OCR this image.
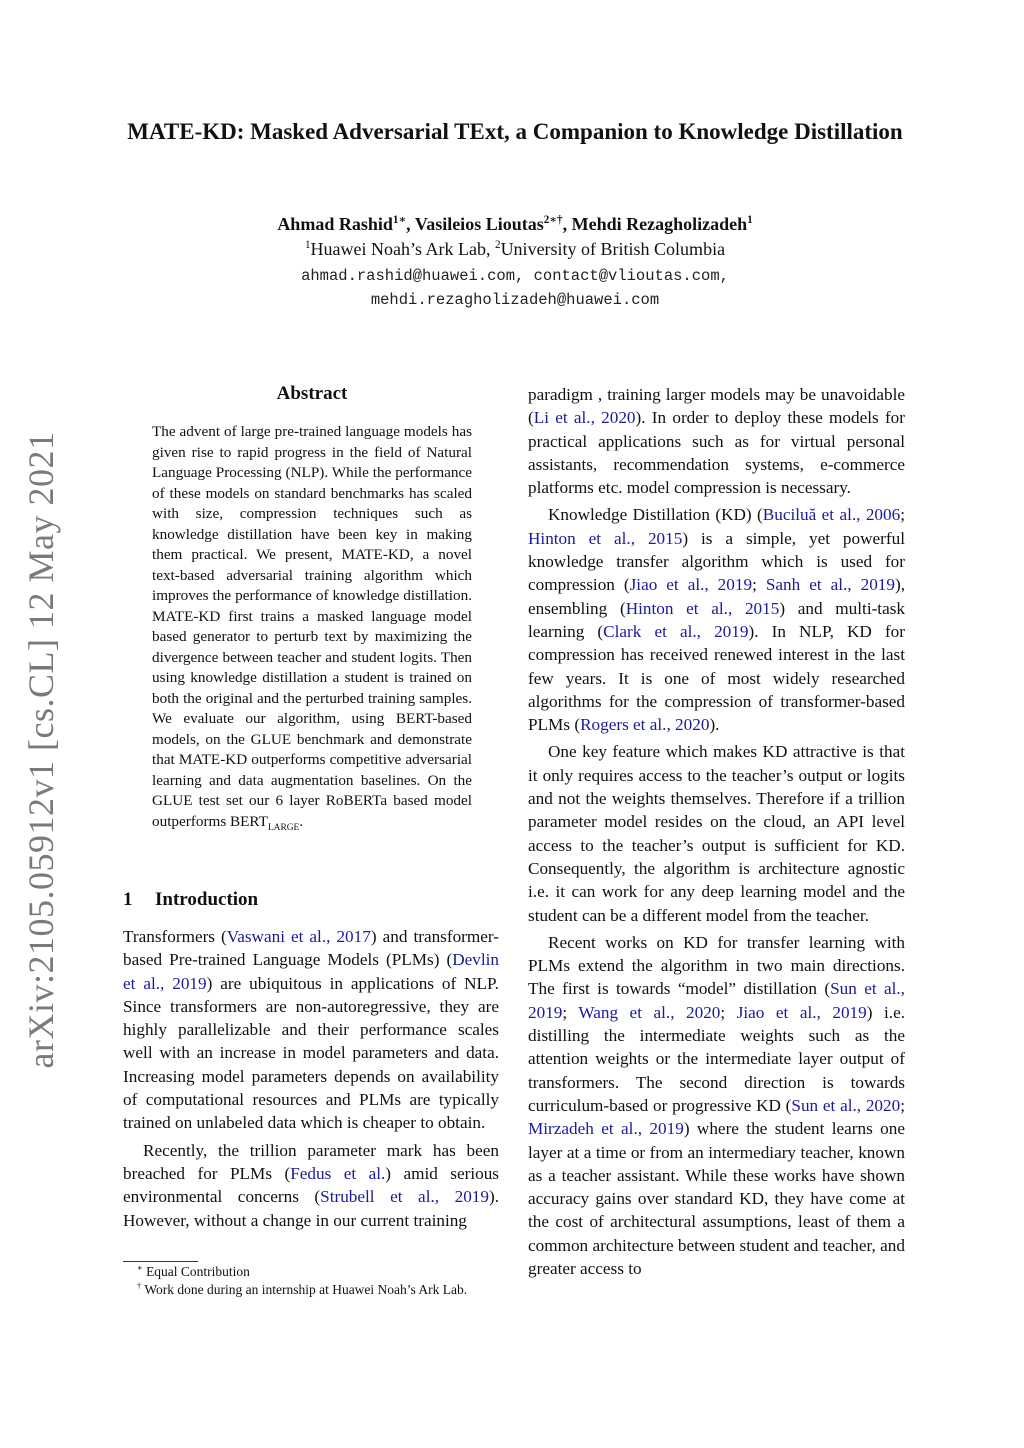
arXiv:2105.05912v1 [cs.CL] 12 May 2021
MATE-KD: Masked Adversarial TExt, a Companion to Knowledge Distillation
Ahmad Rashid$^{1∗}$, Vasileios Lioutas$^{2∗\dagger}$, Mehdi Rezagholizadeh$^1$
$^1$Huawei Noah’s Ark Lab, $^2$University of British Columbia
ahmad.rashid@huawei.com, contact@vlioutas.com,
mehdi.rezagholizadeh@huawei.com
Abstract
The advent of large pre-trained language models has given rise to rapid progress in the field of Natural Language Processing (NLP). While the performance of these models on standard benchmarks has scaled with size, compression techniques such as knowledge distillation have been key in making them practical. We present, MATE-KD, a novel text-based adversarial training algorithm which improves the performance of knowledge distillation. MATE-KD first trains a masked language model based generator to perturb text by maximizing the divergence between teacher and student logits. Then using knowledge distillation a student is trained on both the original and the perturbed training samples. We evaluate our algorithm, using BERT-based models, on the GLUE benchmark and demonstrate that MATE-KD outperforms competitive adversarial learning and data augmentation baselines. On the GLUE test set our 6 layer RoBERTa based model outperforms $BERT_{LARGE}$.
1 Introduction

Transformers (Vaswani et al., 2017) and transformer-based Pre-trained Language Models (PLMs) (Devlin et al., 2019) are ubiquitous in applications of NLP. Since transformers are non-autoregressive, they are highly parallelizable and their performance scales well with an increase in model parameters and data. Increasing model parameters depends on availability of computational resources and PLMs are typically trained on unlabeled data which is cheaper to obtain.

Recently, the trillion parameter mark has been breached for PLMs (Fedus et al.) amid serious environmental concerns (Strubell et al., 2019). However, without a change in our current training

∗ Equal Contribution

† Work done during an internship at Huawei Noah’s Ark Lab.

paradigm , training larger models may be unavoidable (Li et al., 2020). In order to deploy these models for practical applications such as for virtual personal assistants, recommendation systems, e-commerce platforms etc. model compression is necessary.

Knowledge Distillation (KD) (Buciluă et al., 2006; Hinton et al., 2015) is a simple, yet powerful knowledge transfer algorithm which is used for compression (Jiao et al., 2019; Sanh et al., 2019), ensembling (Hinton et al., 2015) and multi-task learning (Clark et al., 2019). In NLP, KD for compression has received renewed interest in the last few years. It is one of most widely researched algorithms for the compression of transformer-based PLMs (Rogers et al., 2020).

One key feature which makes KD attractive is that it only requires access to the teacher’s output or logits and not the weights themselves. Therefore if a trillion parameter model resides on the cloud, an API level access to the teacher’s output is sufficient for KD. Consequently, the algorithm is architecture agnostic i.e. it can work for any deep learning model and the student can be a different model from the teacher.

Recent works on KD for transfer learning with PLMs extend the algorithm in two main directions. The first is towards “model” distillation (Sun et al., 2019; Wang et al., 2020; Jiao et al., 2019) i.e. distilling the intermediate weights such as the attention weights or the intermediate layer output of transformers. The second direction is towards curriculum-based or progressive KD (Sun et al., 2020; Mirzadeh et al., 2019) where the student learns one layer at a time or from an intermediary teacher, known as a teacher assistant. While these works have shown accuracy gains over standard KD, they have come at the cost of architectural assumptions, least of them a common architecture between student and teacher, and greater access to
